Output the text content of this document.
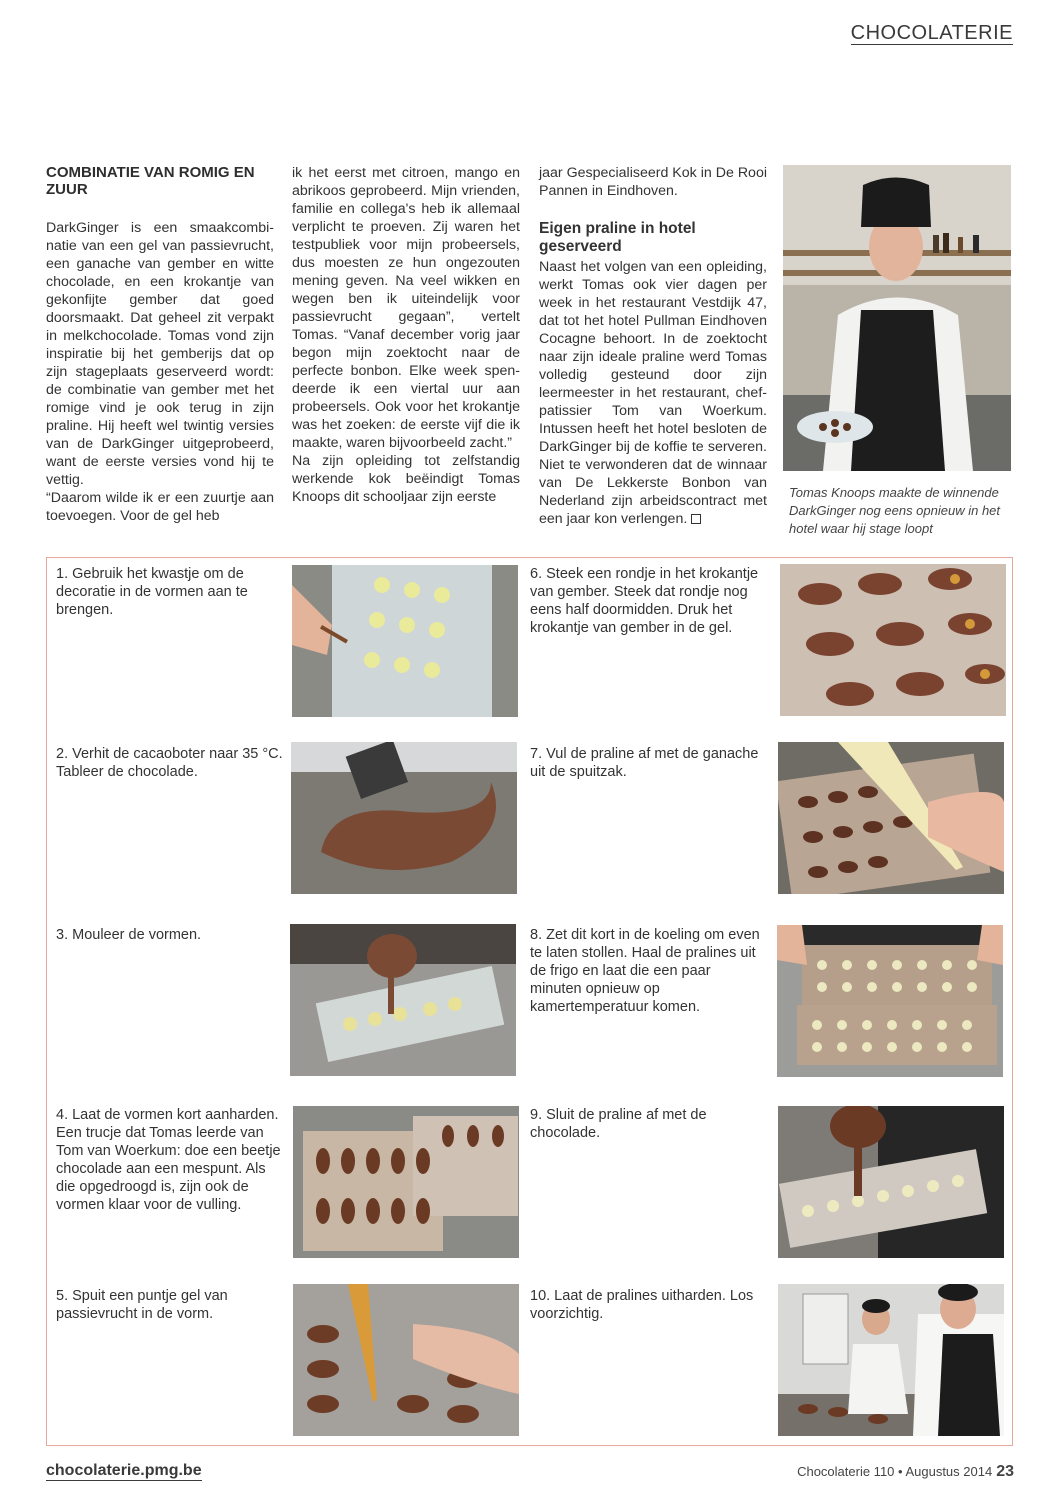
CHOCOLATERIE
COMBINATIE VAN ROMIG EN ZUUR

DarkGinger is een smaakcombinatie van een gel van passievrucht, een ganache van gember en witte chocolade, en een krokantje van gekonfijte gember dat goed doorsmaakt. Dat geheel zit verpakt in melkchocolade. Tomas vond zijn inspiratie bij het gemberijs dat op zijn stageplaats geserveerd wordt: de combinatie van gember met het romige vind je ook terug in zijn praline. Hij heeft wel twintig versies van de DarkGinger uitgeprobeerd, want de eerste versies vond hij te vettig.

“Daarom wilde ik er een zuurtje aan toevoegen. Voor de gel heb

ik het eerst met citroen, mango en abrikoos geprobeerd. Mijn vrienden, familie en collega's heb ik allemaal verplicht te proeven. Zij waren het testpubliek voor mijn probeersels, dus moesten ze hun ongezouten mening geven. Na veel wikken en wegen ben ik uiteindelijk voor passievrucht gegaan”, vertelt Tomas. “Vanaf december vorig jaar begon mijn zoektocht naar de perfecte bonbon. Elke week spendeerde ik een viertal uur aan probeersels. Ook voor het krokantje was het zoeken: de eerste vijf die ik maakte, waren bijvoorbeeld zacht.”

Na zijn opleiding tot zelfstandig werkende kok beëindigt Tomas Knoops dit schooljaar zijn eerste

jaar Gespecialiseerd Kok in De Rooi Pannen in Eindhoven.

Eigen praline in hotel geserveerd

Naast het volgen van een opleiding, werkt Tomas ook vier dagen per week in het restaurant Vestdijk 47, dat tot het hotel Pullman Eindhoven Cocagne behoort. In de zoektocht naar zijn ideale praline werd Tomas volledig gesteund door zijn leermeester in het restaurant, chef-patissier Tom van Woerkum. Intussen heeft het hotel besloten de DarkGinger bij de koffie te serveren. Niet te verwonderen dat de winnaar van De Lekkerste Bonbon van Nederland zijn arbeidscontract met een jaar kon verlengen.

Tomas Knoops maakte de winnende DarkGinger nog eens opnieuw in het hotel waar hij stage loopt
1. Gebruik het kwastje om de decoratie in de vormen aan te brengen.
2. Verhit de cacaoboter naar 35 °C. Tableer de chocolade.
3. Mouleer de vormen.
4. Laat de vormen kort aanharden. Een trucje dat Tomas leerde van Tom van Woerkum: doe een beetje chocolade aan een mespunt. Als die opgedroogd is, zijn ook de vormen klaar voor de vulling.
5. Spuit een puntje gel van passievrucht in de vorm.
6. Steek een rondje in het krokantje van gember. Steek dat rondje nog eens half doormidden. Druk het krokantje van gember in de gel.
7. Vul de praline af met de ganache uit de spuitzak.
8. Zet dit kort in de koeling om even te laten stollen. Haal de pralines uit de frigo en laat die een paar minuten opnieuw op kamertemperatuur komen.
9. Sluit de praline af met de chocolade.
10. Laat de pralines uitharden. Los voorzichtig.
chocolaterie.pmg.be	Chocolaterie 110 • Augustus 2014 23
